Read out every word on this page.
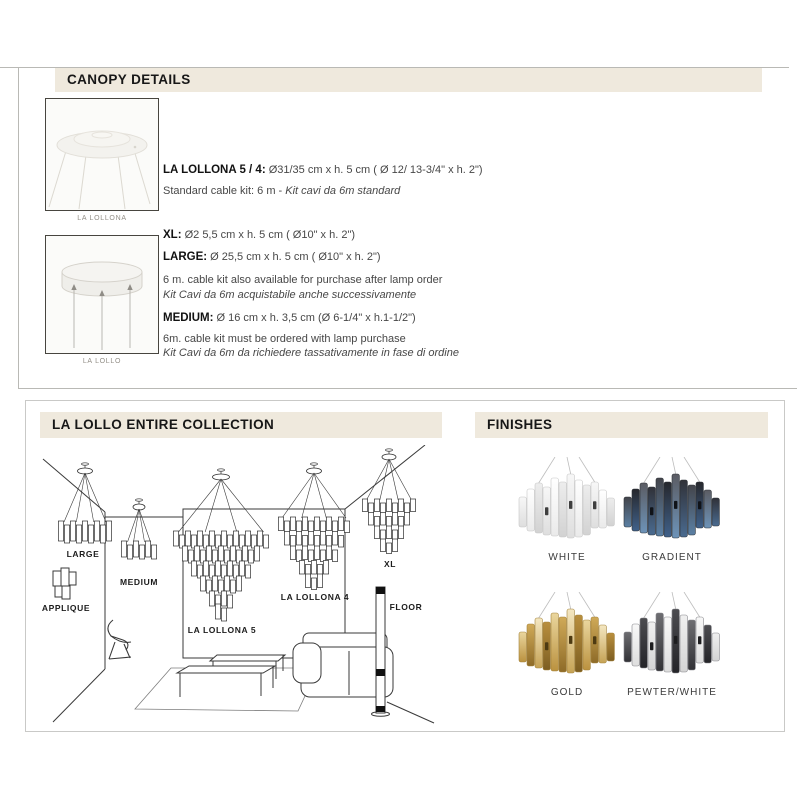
CANOPY DETAILS
LA LOLLONA

LA LOLLONA 5 / 4: Ø31/35 cm x h. 5 cm ( Ø 12/ 13-3/4" x h. 2")

Standard cable kit: 6 m - Kit cavi da 6m standard

LA LOLLO

XL: Ø2 5,5 cm x h. 5 cm ( Ø10" x h. 2")

LARGE: Ø 25,5 cm x h. 5 cm ( Ø10" x h. 2")

6 m. cable kit also available for purchase after lamp order

Kit Cavi da 6m acquistabile anche successivamente

MEDIUM: Ø 16 cm x h. 3,5 cm (Ø 6-1/4" x h.1-1/2")

6m. cable kit must be ordered with lamp purchase

Kit Cavi da 6m da richiedere tassativamente in fase di ordine

LA LOLLO ENTIRE COLLECTION	FINISHES
LARGE
MEDIUM
APPLIQUE
LA LOLLONA 5
LA LOLLONA 4
XL
FLOOR
WHITE	GRADIENT
GOLD	PEWTER/WHITE
